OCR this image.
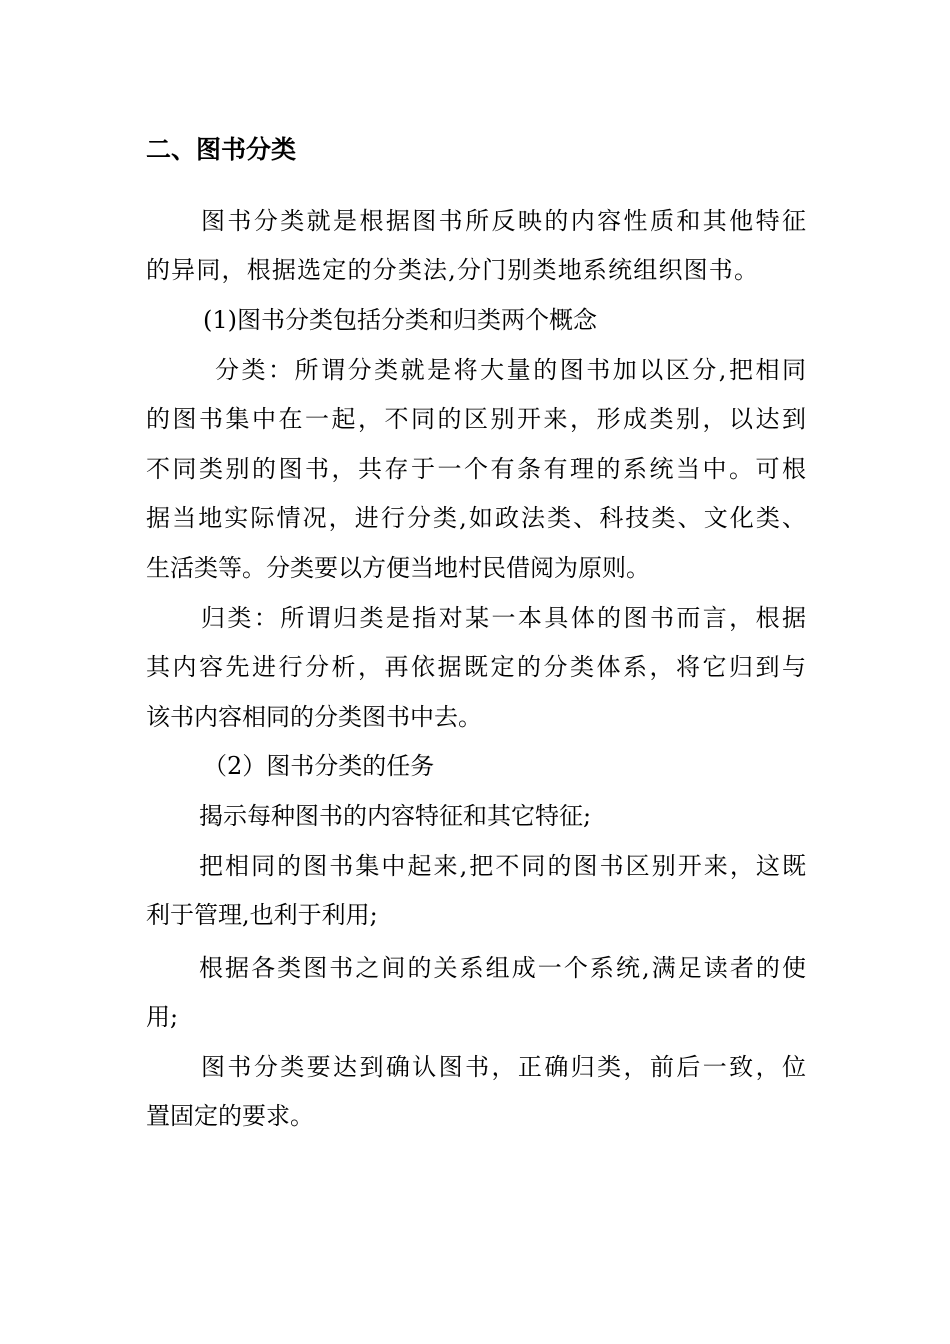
二、图书分类
图书分类就是根据图书所反映的内容性质和其他特征
的异同，根据选定的分类法,分门别类地系统组织图书。
(1)图书分类包括分类和归类两个概念
分类：所谓分类就是将大量的图书加以区分,把相同
的图书集中在一起，不同的区别开来，形成类别，以达到
不同类别的图书，共存于一个有条有理的系统当中。可根
据当地实际情况，进行分类,如政法类、科技类、文化类、
生活类等。分类要以方便当地村民借阅为原则。
归类：所谓归类是指对某一本具体的图书而言，根据
其内容先进行分析，再依据既定的分类体系，将它归到与
该书内容相同的分类图书中去。
（2）图书分类的任务
揭示每种图书的内容特征和其它特征;
把相同的图书集中起来,把不同的图书区别开来，这既
利于管理,也利于利用;
根据各类图书之间的关系组成一个系统,满足读者的使
用;
图书分类要达到确认图书，正确归类，前后一致，位
置固定的要求。
